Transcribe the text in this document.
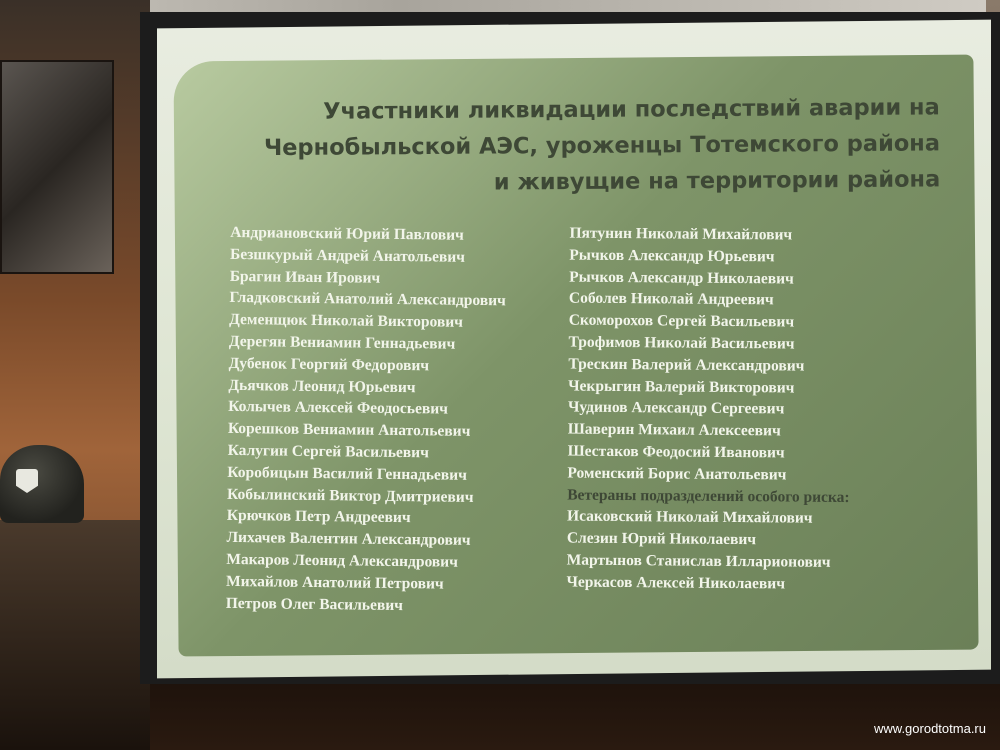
Участники ликвидации последствий аварии на
Чернобыльской АЭС, уроженцы Тотемского района
и живущие на территории района
Андриановский Юрий Павлович
Безшкурый Андрей Анатольевич
Брагин Иван Ирович
Гладковский Анатолий Александрович
Деменщюк Николай Викторович
Дерегян Вениамин Геннадьевич
Дубенок Георгий Федорович
Дьячков Леонид Юрьевич
Колычев Алексей Феодосьевич
Корешков Вениамин Анатольевич
Калугин Сергей Васильевич
Коробицын Василий Геннадьевич
Кобылинский Виктор Дмитриевич
Крючков Петр Андреевич
Лихачев Валентин Александрович
Макаров Леонид Александрович
Михайлов Анатолий Петрович
Петров Олег Васильевич
Пятунин Николай Михайлович
Рычков Александр Юрьевич
Рычков Александр Николаевич
Соболев Николай Андреевич
Скоморохов Сергей Васильевич
Трофимов Николай Васильевич
Трескин Валерий Александрович
Чекрыгин Валерий Викторович
Чудинов Александр Сергеевич
Шаверин Михаил Алексеевич
Шестаков Феодосий Иванович
Роменский Борис Анатольевич
Ветераны подразделений особого риска:
Исаковский Николай Михайлович
Слезин Юрий Николаевич
Мартынов Станислав Илларионович
Черкасов Алексей Николаевич
www.gorodtotma.ru
